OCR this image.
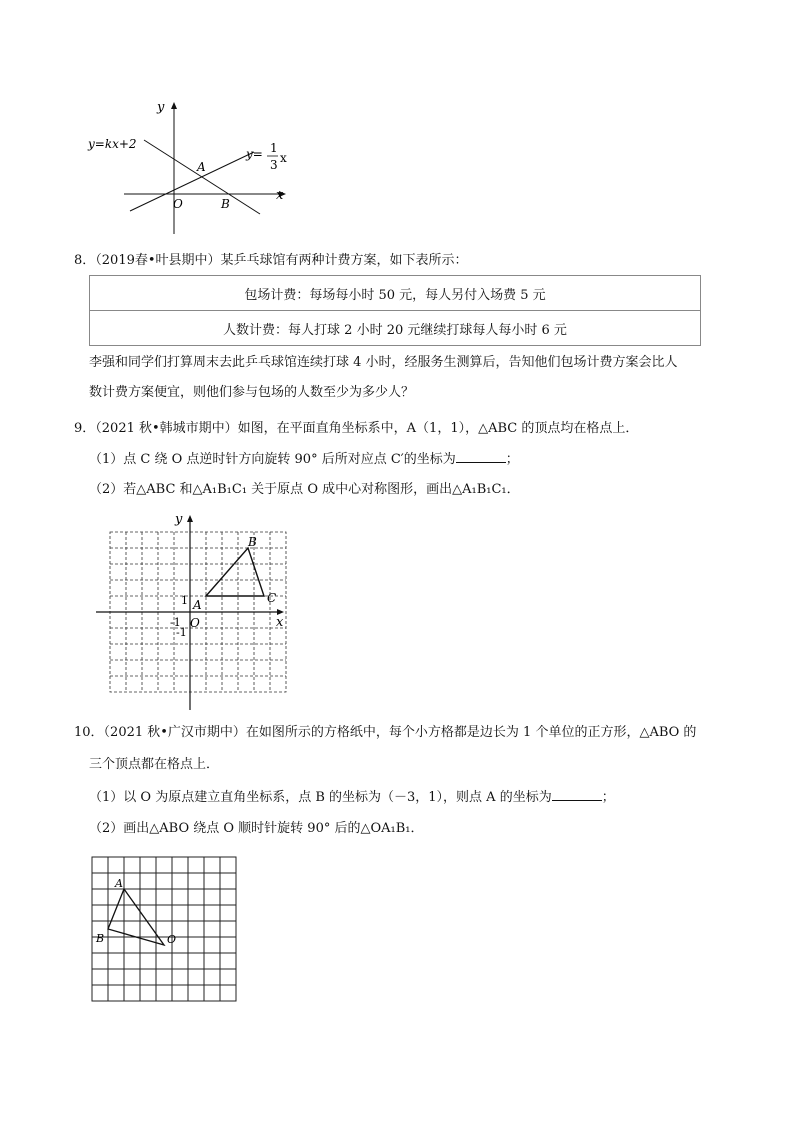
y
x
y=kx+2
y= 1
3 x
A
O	B
8．（2019春•叶县期中）某乒乓球馆有两种计费方案，如下表所示：
包场计费：每场每小时 50 元，每人另付入场费 5 元
人数计费：每人打球 2 小时 20 元继续打球每人每小时 6 元
李强和同学们打算周末去此乒乓球馆连续打球 4 小时，经服务生测算后，告知他们包场计费方案会比人
数计费方案便宜，则他们参与包场的人数至少为多少人？
9．（2021 秋•韩城市期中）如图，在平面直角坐标系中，A（1，1），△ABC 的顶点均在格点上．
（1）点 C 绕 O 点逆时针方向旋转 90° 后所对应点 C′的坐标为	；
（2）若△ABC 和△A₁B₁C₁ 关于原点 O 成中心对称图形，画出△A₁B₁C₁．
y
x
O
1
-1
-1
A
B
C
10．（2021 秋•广汉市期中）在如图所示的方格纸中，每个小方格都是边长为 1 个单位的正方形，△ABO 的
三个顶点都在格点上．
（1）以 O 为原点建立直角坐标系，点 B 的坐标为（－3，1），则点 A 的坐标为	；
（2）画出△ABO 绕点 O 顺时针旋转 90° 后的△OA₁B₁．
A
B	O
